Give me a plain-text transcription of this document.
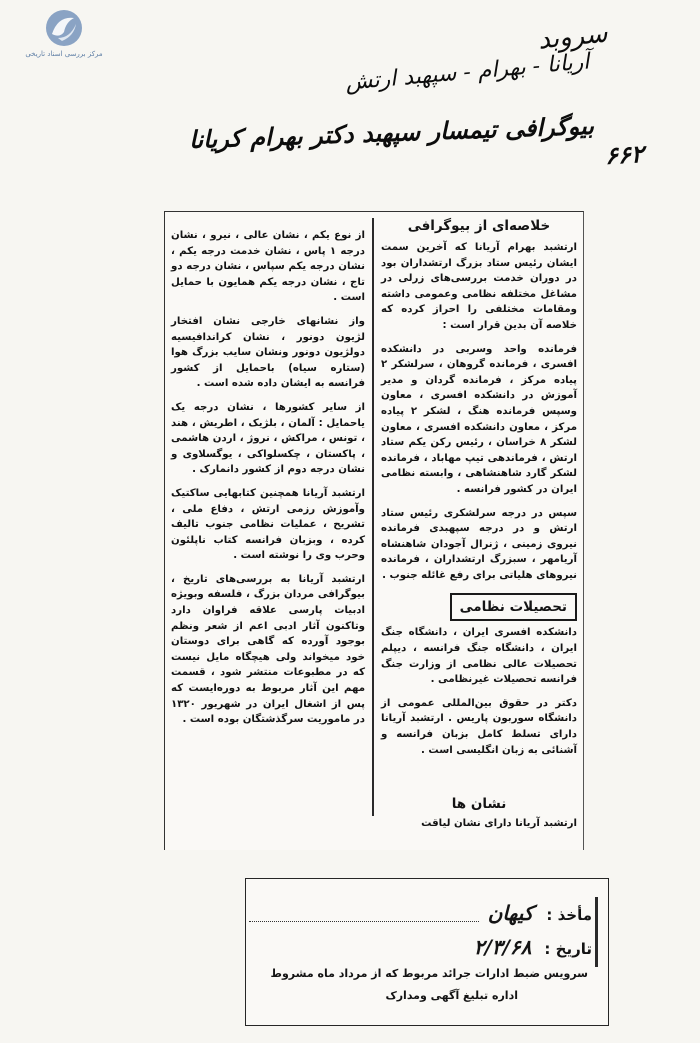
مرکز بررسی اسناد تاریخی	سروبد
آریانا - بهرام - سپهبد ارتش
بیوگرافی تیمسار سپهبد دکتر بهرام کریانا
۶۶۲
خلاصه‌ای از بیوگرافی

ارتشبد بهرام آریانا که آخرین سمت ایشان رئیس ستاد بزرگ ارتشداران بود در دوران خدمت بررسی‌های زرلی در مشاغل مختلفه نظامی وعمومی داشته ومقامات مختلفی را احراز کرده که خلاصه آن بدین قرار است :

فرمانده واحد وسربی در دانشکده افسری ، فرمانده گروهان ، سرلشکر ۲ پیاده مرکز ، فرمانده گردان و مدیر آموزش در دانشکده افسری ، معاون وسپس فرمانده هنگ ، لشکر ۲ پیاده مرکز ، معاون دانشکده افسری ، معاون لشکر ۸ خراسان ، رئیس رکن یکم ستاد ارتش ، فرماندهی تیپ مهاباد ، فرمانده لشکر گارد شاهنشاهی ، وابسته نظامی ایران در کشور فرانسه .

سپس در درجه سرلشکری رئیس ستاد ارتش و در درجه سپهبدی فرمانده نیروی زمینی ، ژنرال آجودان شاهنشاه آریامهر ، سبزرگ ارتشداران ، فرمانده نیروهای هلیاتی برای رفع غائله جنوب .

تحصیلات نظامی

دانشکده افسری ایران ، دانشگاه جنگ ایران ، دانشگاه جنگ فرانسه ، دیپلم تحصیلات عالی نظامی از وزارت جنگ فرانسه تحصیلات غیرنظامی .

دکتر در حقوق بین‌المللی عمومی از دانشگاه سوربون پاریس . ارتشبد آریانا دارای تسلط کامل بزبان فرانسه و آشنائی به زبان انگلیسی است .

نشان ها

ارتشبد آریانا دارای نشان لیاقت

از نوع یکم ، نشان عالی ، نیرو ، نشان درجه ۱ پاس ، نشان خدمت درجه یکم ، نشان درجه یکم سپاس ، نشان درجه دو تاج ، نشان درجه یکم همایون با حمایل است .

واز نشانهای خارجی نشان افتخار لژیون دونور ، نشان کراندافیسیه دولژیون دونور ونشان سایب بزرگ هوا (ستاره سیاه) باحمایل از کشور فرانسه به ایشان داده شده است .

از سایر کشورها ، نشان درجه یک یاحمایل : آلمان ، بلژیک ، اطریش ، هند ، تونس ، مراکش ، نروژ ، اردن هاشمی ، پاکستان ، چکسلواکی ، یوگسلاوی و نشان درجه دوم از کشور دانمارک .

ارتشبد آریانا همچنین کتابهایی ساکتیک وآموزش رزمی ارتش ، دفاع ملی ، تشریح ، عملیات نظامی جنوب تالیف کرده ، وبزبان فرانسه کتاب ناپلئون وحرب وی را نوشته است .

ارتشبد آریانا به بررسی‌های تاریخ ، بیوگرافی مردان بزرگ ، فلسفه وبویژه ادبیات پارسی علاقه فراوان دارد وتاکنون آثار ادبی اعم از شعر ونظم بوجود آورده که گاهی برای دوستان خود میخواند ولی هیچگاه مایل نیست که در مطبوعات منتشر شود ، قسمت مهم این آثار مربوط به دوره‌ایست که پس از اشغال ایران در شهریور ۱۳۲۰ در ماموریت سرگذشتگان بوده است .

مأخذ : کیهان
تاریخ : ۲/۳/۶۸
سرویس ضبط ادارات جرائد مربوط که از مرداد ماه مشروط
اداره تبلیغ آگهی ومدارک
